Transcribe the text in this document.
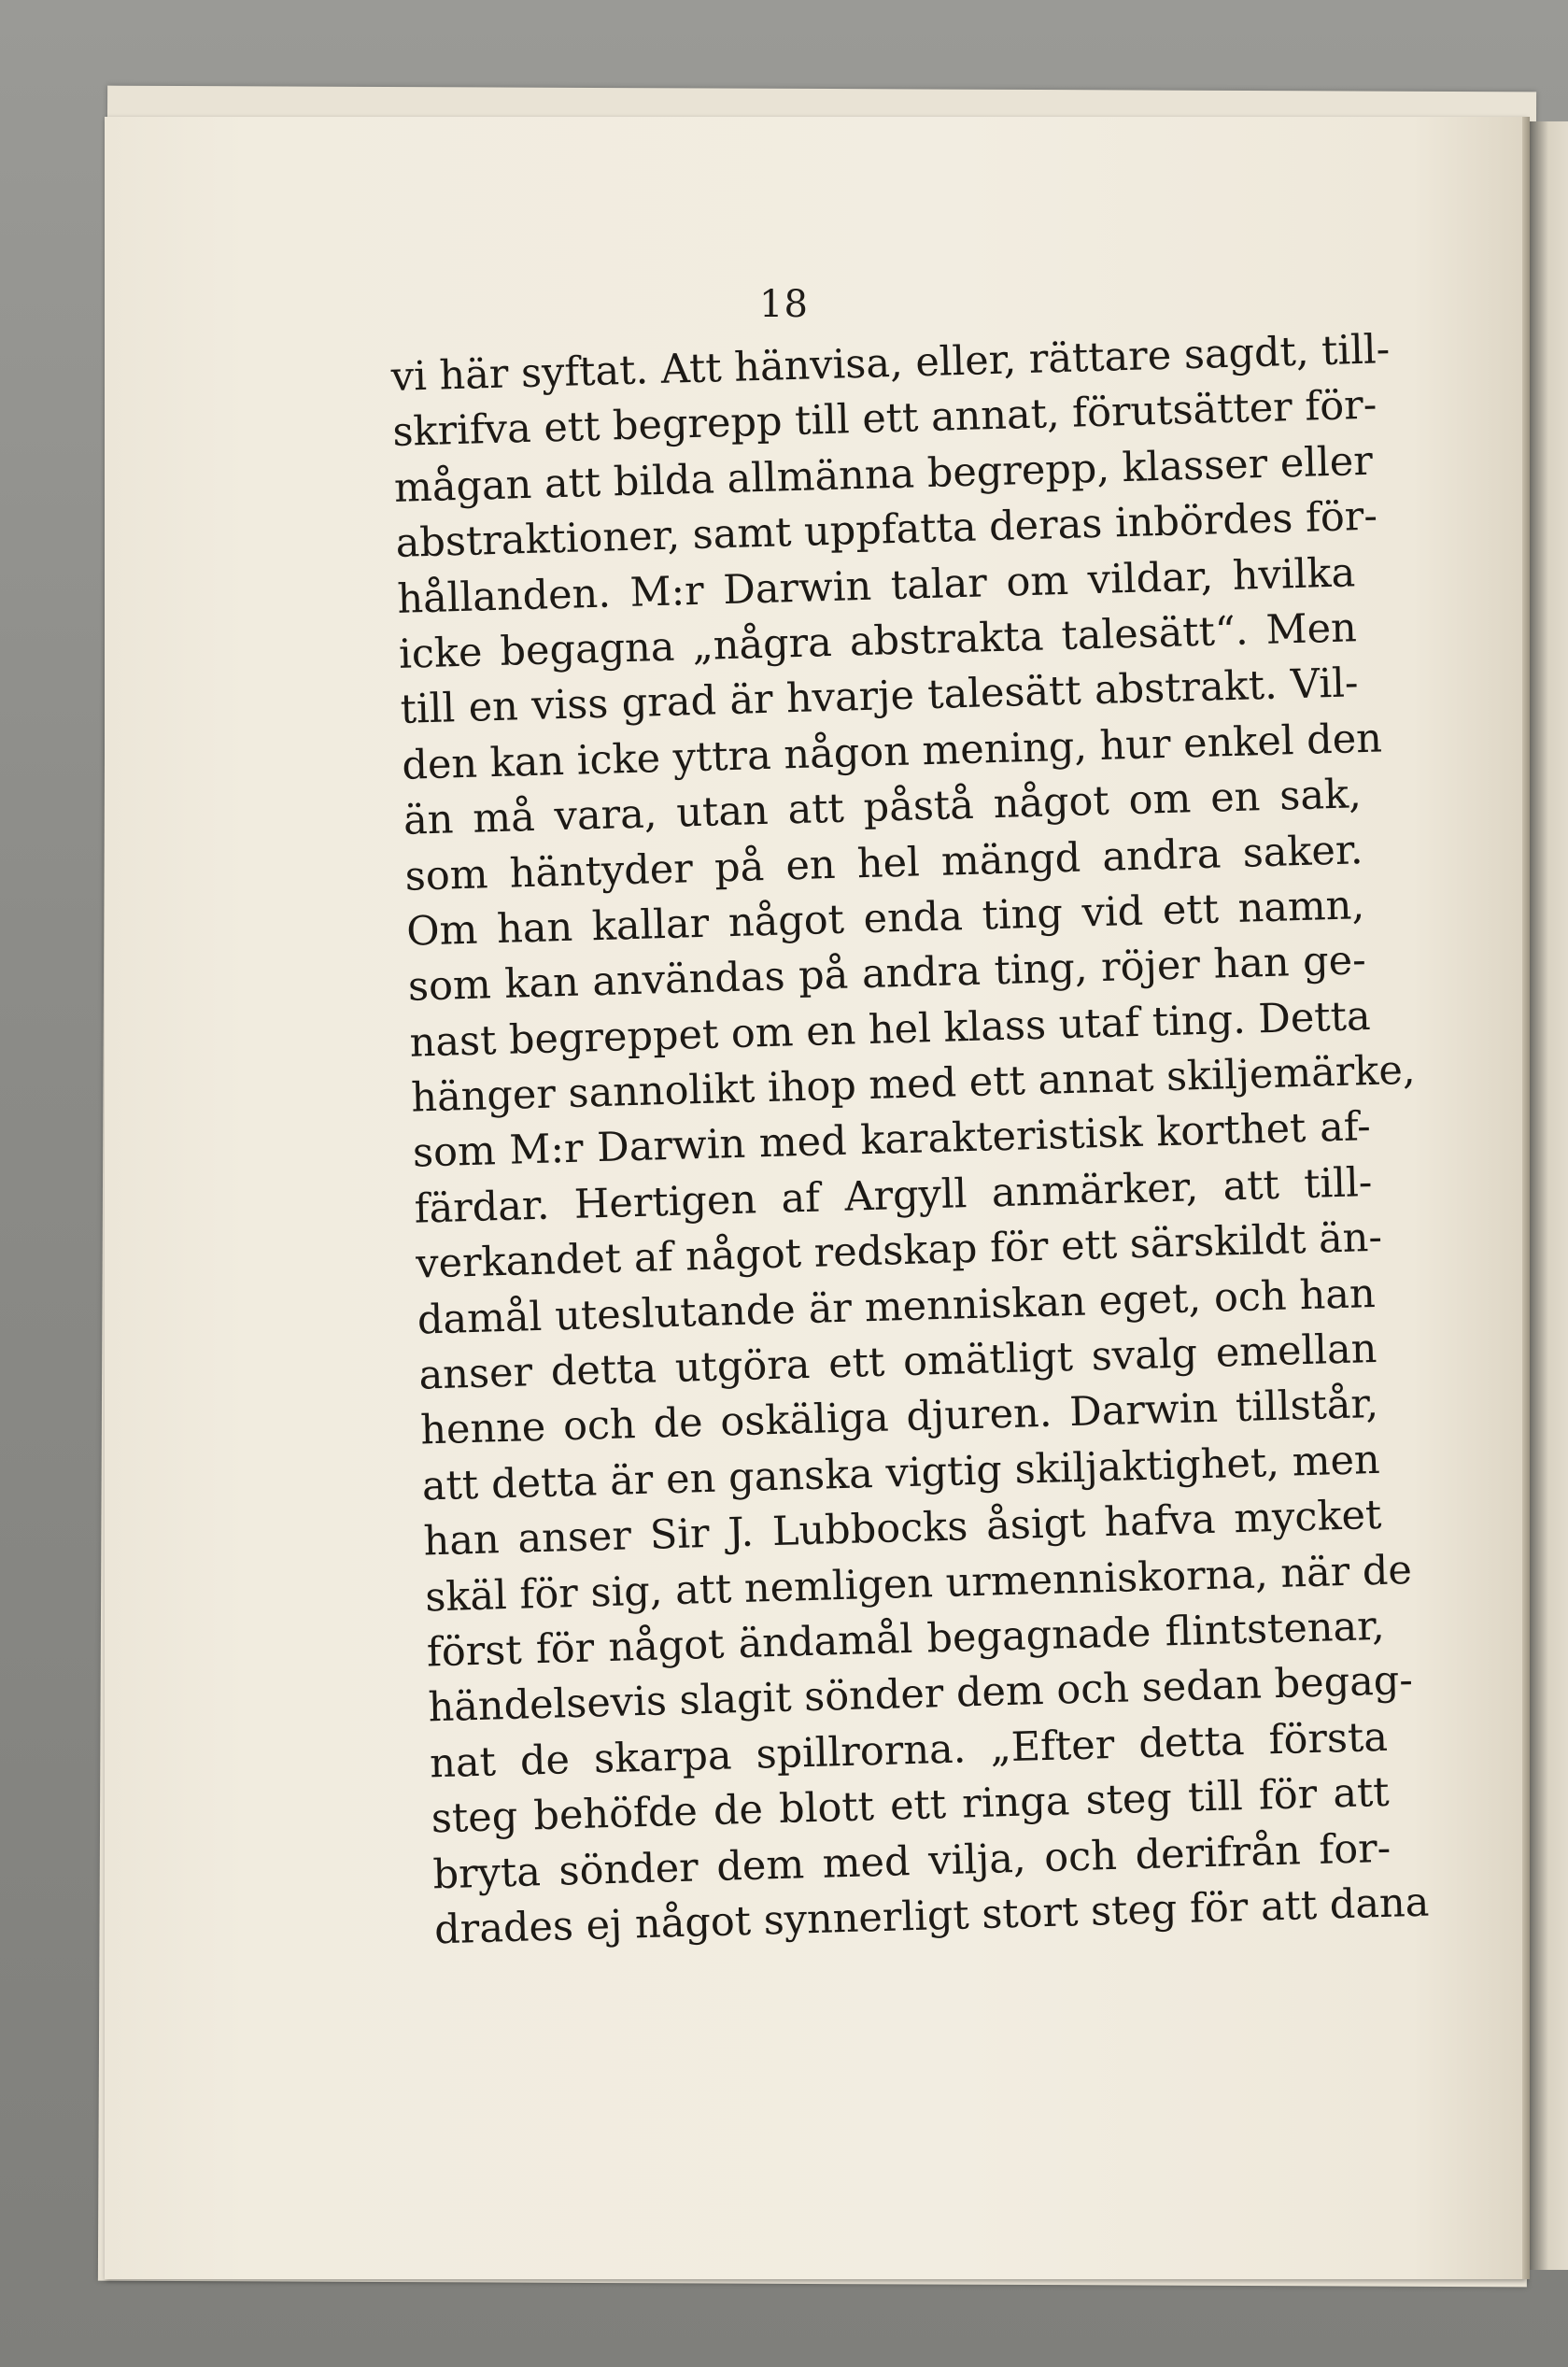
18
vi här syftat. Att hänvisa, eller, rättare sagdt, till-
skrifva ett begrepp till ett annat, förutsätter för-
mågan att bilda allmänna begrepp, klasser eller
abstraktioner, samt uppfatta deras inbördes för-
hållanden. M:r Darwin talar om vildar, hvilka
icke begagna „några abstrakta talesätt“. Men
till en viss grad är hvarje talesätt abstrakt. Vil-
den kan icke yttra någon mening, hur enkel den
än må vara, utan att påstå något om en sak,
som häntyder på en hel mängd andra saker.
Om han kallar något enda ting vid ett namn,
som kan användas på andra ting, röjer han ge-
nast begreppet om en hel klass utaf ting. Detta
hänger sannolikt ihop med ett annat skiljemärke,
som M:r Darwin med karakteristisk korthet af-
färdar. Hertigen af Argyll anmärker, att till-
verkandet af något redskap för ett särskildt än-
damål uteslutande är menniskan eget, och han
anser detta utgöra ett omätligt svalg emellan
henne och de oskäliga djuren. Darwin tillstår,
att detta är en ganska vigtig skiljaktighet, men
han anser Sir J. Lubbocks åsigt hafva mycket
skäl för sig, att nemligen urmenniskorna, när de
först för något ändamål begagnade flintstenar,
händelsevis slagit sönder dem och sedan begag-
nat de skarpa spillrorna. „Efter detta första
steg behöfde de blott ett ringa steg till för att
bryta sönder dem med vilja, och derifrån for-
drades ej något synnerligt stort steg för att dana
